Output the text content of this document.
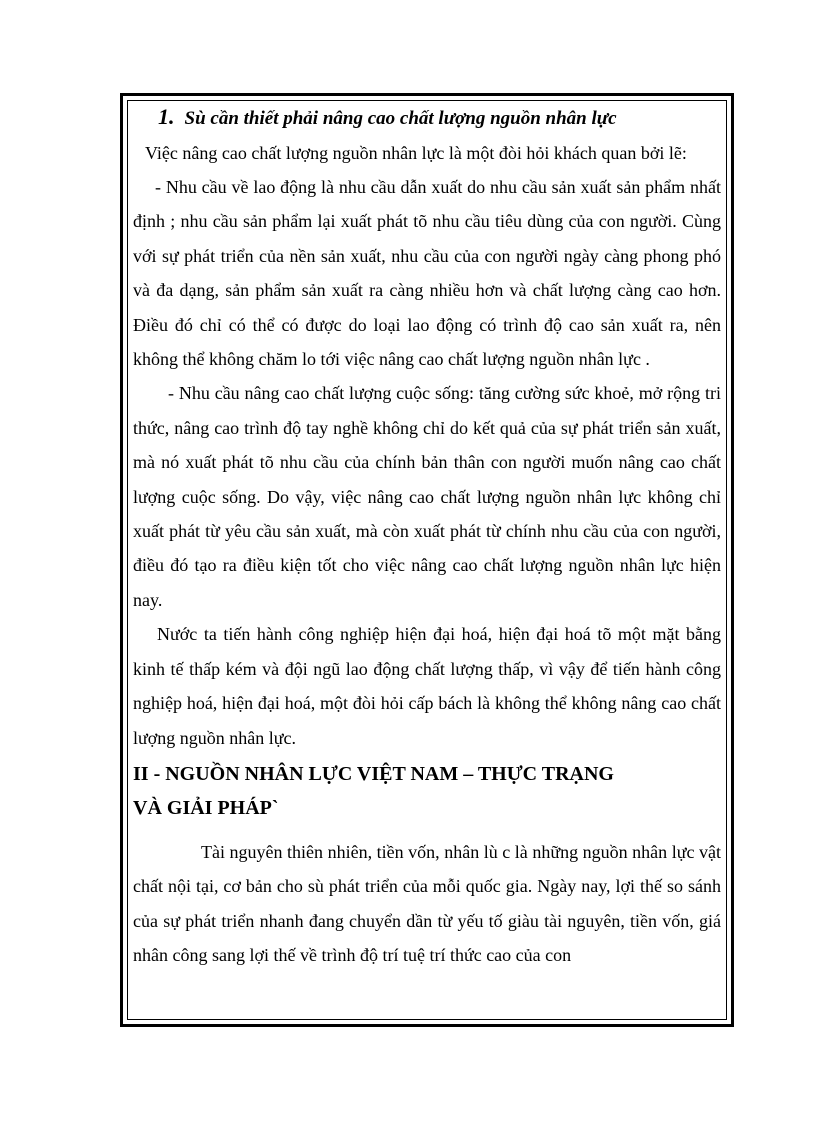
1. Sù cần thiết phải nâng cao chất lượng nguồn nhân lực

Việc nâng cao chất lượng nguồn nhân lực là một đòi hỏi khách quan bởi lẽ:

- Nhu cầu về lao động là nhu cầu dẫn xuất do nhu cầu sản xuất sản phẩm nhất định ; nhu cầu sản phẩm lại xuất phát tõ nhu cầu tiêu dùng của con người. Cùng với sự phát triển của nền sản xuất, nhu cầu của con người ngày càng phong phó và đa dạng, sản phẩm sản xuất ra càng nhiều hơn và chất lượng càng cao hơn. Điều đó chỉ có thể có được do loại lao động có trình độ cao sản xuất ra, nên không thể không chăm lo tới việc nâng cao chất lượng nguồn nhân lực .

- Nhu cầu nâng cao chất lượng cuộc sống: tăng cường sức khoẻ, mở rộng tri thức, nâng cao trình độ tay nghề không chỉ do kết quả của sự phát triển sản xuất, mà nó xuất phát tõ nhu cầu của chính bản thân con người muốn nâng cao chất lượng cuộc sống. Do vậy, việc nâng cao chất lượng nguồn nhân lực không chỉ xuất phát từ yêu cầu sản xuất, mà còn xuất phát từ chính nhu cầu của con người, điều đó tạo ra điều kiện tốt cho việc nâng cao chất lượng nguồn nhân lực hiện nay.

Nước ta tiến hành công nghiệp hiện đại hoá, hiện đại hoá tõ một mặt bằng kinh tế thấp kém và đội ngũ lao động chất lượng thấp, vì vậy để tiến hành công nghiệp hoá, hiện đại hoá, một đòi hỏi cấp bách là không thể không nâng cao chất lượng nguồn nhân lực.

II - NGUỒN NHÂN LỰC VIỆT NAM – THỰC TRẠNG
VÀ GIẢI PHÁP`

Tài nguyên thiên nhiên, tiền vốn, nhân lù c là những nguồn nhân lực vật chất nội tại, cơ bản cho sù phát triển của mỗi quốc gia. Ngày nay, lợi thế so sánh của sự phát triển nhanh đang chuyển dần từ yếu tố giàu tài nguyên, tiền vốn, giá nhân công sang lợi thế về trình độ trí tuệ trí thức cao của con
